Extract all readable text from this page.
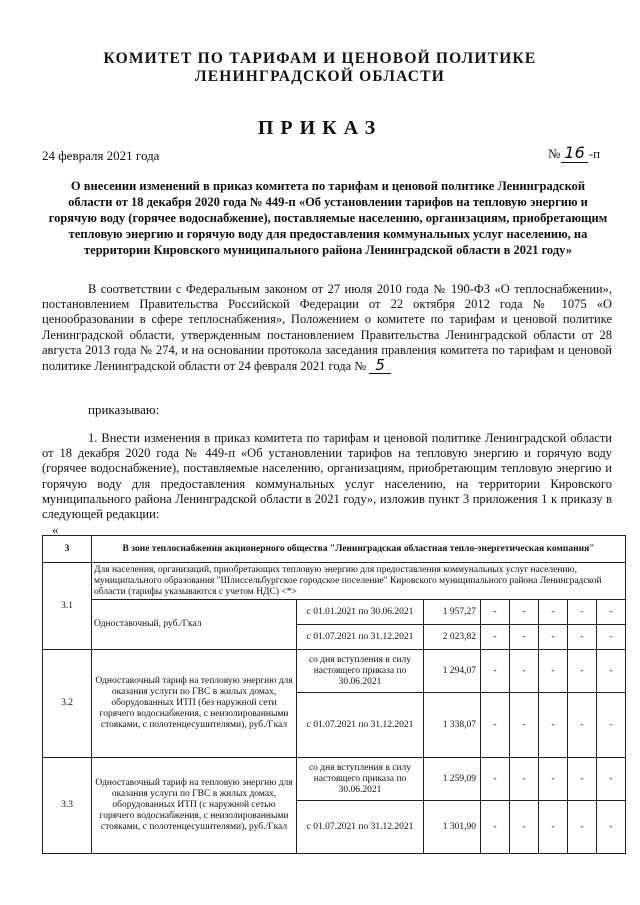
КОМИТЕТ ПО ТАРИФАМ И ЦЕНОВОЙ ПОЛИТИКЕ
ЛЕНИНГРАДСКОЙ ОБЛАСТИ
ПРИКАЗ
24 февраля 2021 года	№ 16 -п
О внесении изменений в приказ комитета по тарифам и ценовой политике Ленинградской области от 18 декабря 2020 года № 449-п «Об установлении тарифов на тепловую энергию и горячую воду (горячее водоснабжение), поставляемые населению, организациям, приобретающим тепловую энергию и горячую воду для предоставления коммунальных услуг населению, на территории Кировского муниципального района Ленинградской области в 2021 году»
В соответствии с Федеральным законом от 27 июля 2010 года № 190-ФЗ «О теплоснабжении», постановлением Правительства Российской Федерации от 22 октября 2012 года № 1075 «О ценообразовании в сфере теплоснабжения», Положением о комитете по тарифам и ценовой политике Ленинградской области, утвержденным постановлением Правительства Ленинградской области от 28 августа 2013 года № 274, и на основании протокола заседания правления комитета по тарифам и ценовой политике Ленинградской области от 24 февраля 2021 года № 5
приказываю:
1. Внести изменения в приказ комитета по тарифам и ценовой политике Ленинградской области от 18 декабря 2020 года № 449-п «Об установлении тарифов на тепловую энергию и горячую воду (горячее водоснабжение), поставляемые населению, организациям, приобретающим тепловую энергию и горячую воду для предоставления коммунальных услуг населению, на территории Кировского муниципального района Ленинградской области в 2021 году», изложив пункт 3 приложения 1 к приказу в следующей редакции:
«
3	В зоне теплоснабжения акционерного общества "Ленинградская областная тепло-энергетическая компания"							
3.1	Для населения, организаций, приобретающих тепловую энергию для предоставления коммунальных услуг населению, муниципального образования "Шлиссельбургское городское поселение" Кировского муниципального района Ленинградской области (тарифы указываются с учетом НДС) <*>							
	Одноставочный, руб./Гкал	с 01.01.2021 по 30.06.2021	1 957,27	-	-	-	-	-
		с 01.07.2021 по 31.12.2021	2 023,82	-	-	-	-	-
3.2	Одноставочный тариф на тепловую энергию для оказания услуги по ГВС в жилых домах, оборудованных ИТП (без наружной сети горячего водоснабжения, с неизолированными стояками, с полотенцесушителями), руб./Гкал	со дня вступления в силу настоящего приказа по 30.06.2021	1 294,07	-	-	-	-	-
		с 01.07.2021 по 31.12.2021	1 338,07	-	-	-	-	-
3.3	Одноставочный тариф на тепловую энергию для оказания услуги по ГВС в жилых домах, оборудованных ИТП (с наружной сетью горячего водоснабжения, с неизолированными стояками, с полотенцесушителями), руб./Гкал	со дня вступления в силу настоящего приказа по 30.06.2021	1 259,09	-	-	-	-	-
		с 01.07.2021 по 31.12.2021	1 301,90	-	-	-	-	-
